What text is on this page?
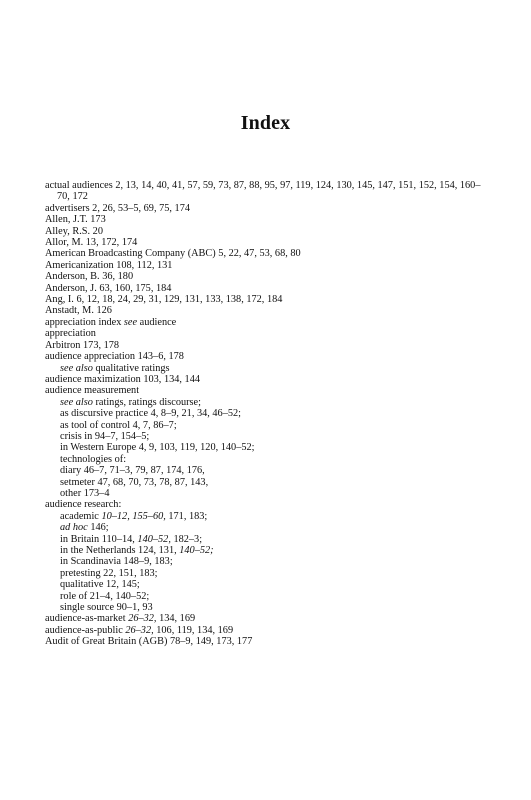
Index
actual audiences 2, 13, 14, 40, 41, 57, 59, 73, 87, 88, 95, 97, 119, 124, 130, 145, 147, 151, 152, 154, 160–70, 172
advertisers 2, 26, 53–5, 69, 75, 174
Allen, J.T. 173
Alley, R.S. 20
Allor, M. 13, 172, 174
American Broadcasting Company (ABC) 5, 22, 47, 53, 68, 80
Americanization 108, 112, 131
Anderson, B. 36, 180
Anderson, J. 63, 160, 175, 184
Ang, I. 6, 12, 18, 24, 29, 31, 129, 131, 133, 138, 172, 184
Anstadt, M. 126
appreciation index see audience
appreciation
Arbitron 173, 178
audience appreciation 143–6, 178
see also qualitative ratings
audience maximization 103, 134, 144
audience measurement
see also ratings, ratings discourse;
as discursive practice 4, 8–9, 21, 34, 46–52;
as tool of control 4, 7, 86–7;
crisis in 94–7, 154–5;
in Western Europe 4, 9, 103, 119, 120, 140–52;
technologies of:
diary 46–7, 71–3, 79, 87, 174, 176,
setmeter 47, 68, 70, 73, 78, 87, 143,
other 173–4
audience research:
academic 10–12, 155–60, 171, 183;
ad hoc 146;
in Britain 110–14, 140–52, 182–3;
in the Netherlands 124, 131, 140–52;
in Scandinavia 148–9, 183;
pretesting 22, 151, 183;
qualitative 12, 145;
role of 21–4, 140–52;
single source 90–1, 93
audience-as-market 26–32, 134, 169
audience-as-public 26–32, 106, 119, 134, 169
Audit of Great Britain (AGB) 78–9, 149, 173, 177
